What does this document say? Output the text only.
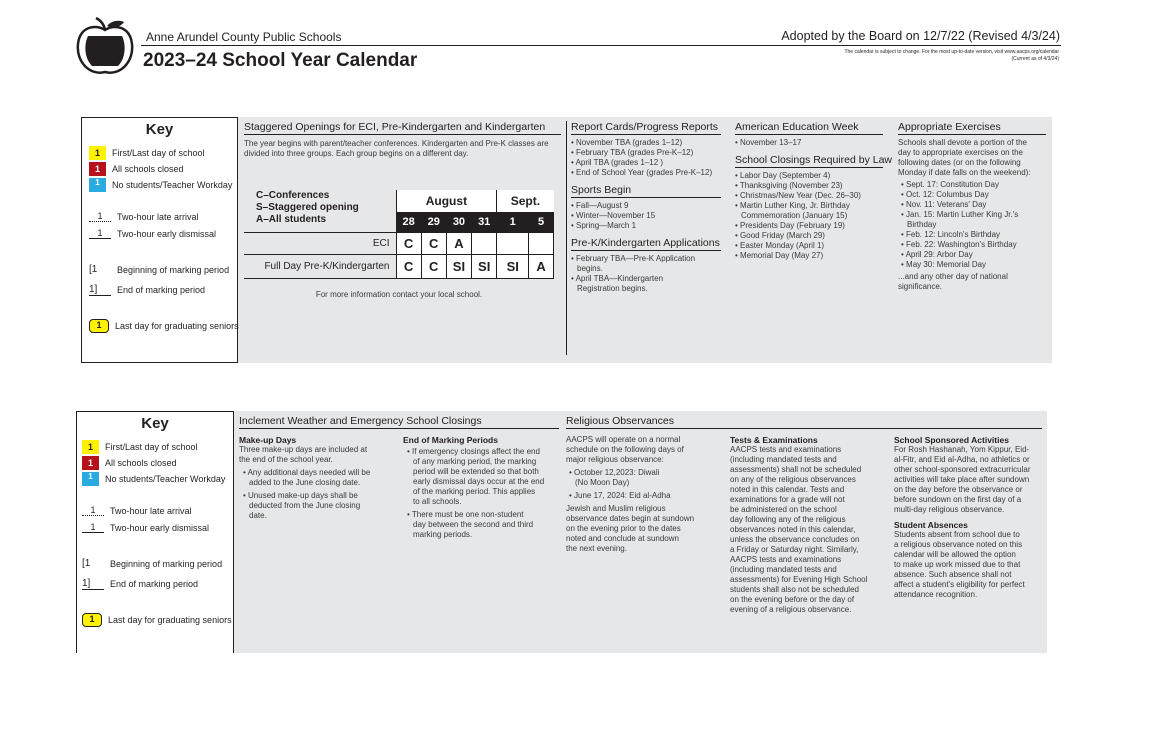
Anne Arundel County Public Schools
2023–24 School Year Calendar
Adopted by the Board on 12/7/22 (Revised 4/3/24)
The calendar is subject to change. For the most up-to-date version, visit www.aacps.org/calendar
(Current as of 4/3/24)
Key
1	First/Last day of school
1	All schools closed
1	No students/Teacher Workday
1	Two-hour late arrival
1	Two-hour early dismissal
[1	Beginning of marking period
1]	End of marking period
1	Last day for graduating seniors
Staggered Openings for ECI, Pre-Kindergarten and Kindergarten
The year begins with parent/teacher conferences. Kindergarten and Pre-K classes are divided into three groups. Each group begins on a different day.
C–Conferences
S–Staggered opening
A–All students
	August				Sept.	
	28	29	30	31	1	5
ECI	C	C	A			
Full Day Pre-K/Kindergarten	C	C	SI	SI	SI	A
For more information contact your local school.
Report Cards/Progress Reports
• November TBA (grades 1–12)
• February TBA (grades Pre-K–12)
• April TBA (grades 1–12 )
• End of School Year (grades Pre-K–12)
Sports Begin
• Fall—August 9
• Winter—November 15
• Spring—March 1
Pre-K/Kindergarten Applications
• February TBA—Pre-K Application
begins.
• April TBA—Kindergarten
Registration begins.
American Education Week
• November 13–17
School Closings Required by Law
• Labor Day (September 4)
• Thanksgiving (November 23)
• Christmas/New Year (Dec. 26–30)
• Martin Luther King, Jr. Birthday
Commemoration (January 15)
• Presidents Day (February 19)
• Good Friday (March 29)
• Easter Monday (April 1)
• Memorial Day (May 27)
Appropriate Exercises
Schools shall devote a portion of the
day to appropriate exercises on the
following dates (or on the following
Monday if date falls on the weekend):
• Sept. 17: Constitution Day
• Oct. 12: Columbus Day
• Nov. 11: Veterans' Day
• Jan. 15: Martin Luther King Jr.'s
Birthday
• Feb. 12: Lincoln's Birthday
• Feb. 22: Washington's Birthday
• April 29: Arbor Day
• May 30: Memorial Day
...and any other day of national
significance.
Key
1	First/Last day of school
1	All schools closed
1	No students/Teacher Workday
1	Two-hour late arrival
1	Two-hour early dismissal
[1	Beginning of marking period
1]	End of marking period
1	Last day for graduating seniors
Inclement Weather and Emergency School Closings
Make-up Days
Three make-up days are included at
the end of the school year.
• Any additional days needed will be
added to the June closing date.
• Unused make-up days shall be
deducted from the June closing
date.
End of Marking Periods
• If emergency closings affect the end
of any marking period, the marking
period will be extended so that both
early dismissal days occur at the end
of the marking period. This applies
to all schools.
• There must be one non-student
day between the second and third
marking periods.
Religious Observances
AACPS will operate on a normal
schedule on the following days of
major religious observance:
• October 12,2023: Diwali
(No Moon Day)
• June 17, 2024: Eid al-Adha
Jewish and Muslim religious
observance dates begin at sundown
on the evening prior to the dates
noted and conclude at sundown
the next evening.
Tests & Examinations
AACPS tests and examinations
(including mandated tests and
assessments) shall not be scheduled
on any of the religious observances
noted in this calendar. Tests and
examinations for a grade will not
be administered on the school
day following any of the religious
observances noted in this calendar,
unless the observance concludes on
a Friday or Saturday night. Similarly,
AACPS tests and examinations
(including mandated tests and
assessments) for Evening High School
students shall also not be scheduled
on the evening before or the day of
evening of a religious observance.
School Sponsored Activities
For Rosh Hashanah, Yom Kippur, Eid-
al-Fitr, and Eid al-Adha, no athletics or
other school-sponsored extracurricular
activities will take place after sundown
on the day before the observance or
before sundown on the first day of a
multi-day religious observance.
Student Absences
Students absent from school due to
a religious observance noted on this
calendar will be allowed the option
to make up work missed due to that
absence. Such absence shall not
affect a student's eligibility for perfect
attendance recognition.
